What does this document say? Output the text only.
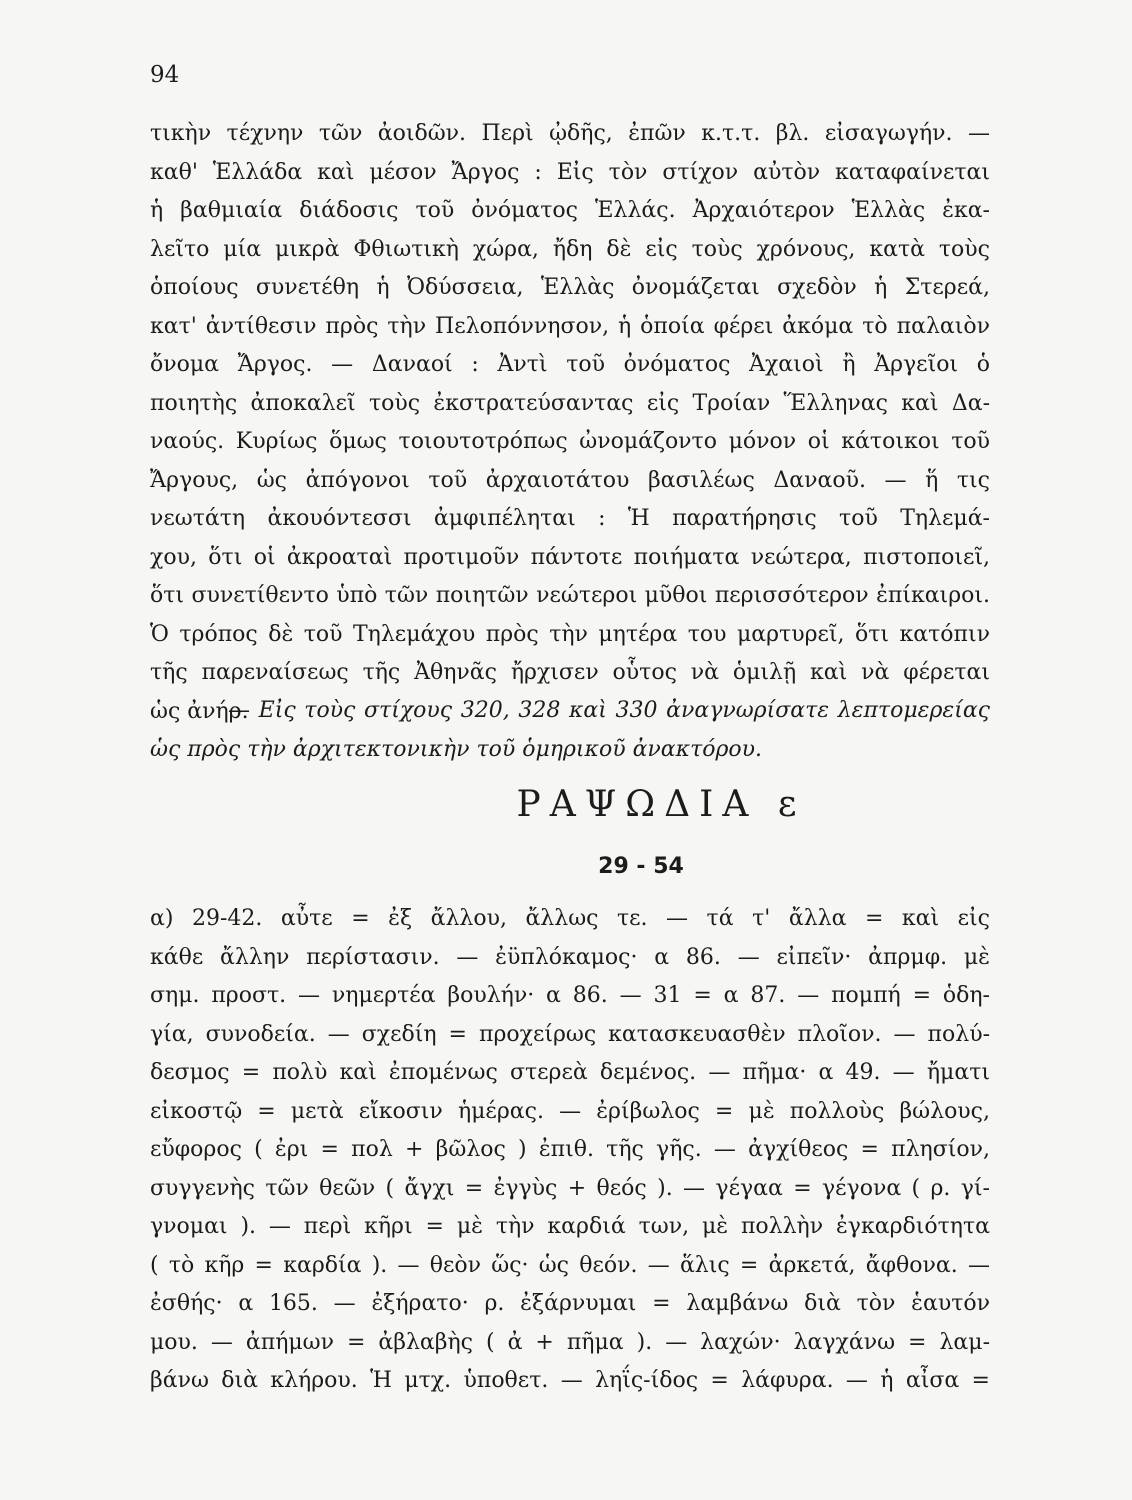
94
τικὴν τέχνην τῶν ἀοιδῶν. Περὶ ᾠδῆς, ἐπῶν κ.τ.τ. βλ. εἰσαγωγήν. —
καθ' Ἑλλάδα καὶ μέσον Ἄργος : Εἰς τὸν στίχον αὐτὸν καταφαίνεται
ἡ βαθμιαία διάδοσις τοῦ ὀνόματος Ἑλλάς. Ἀρχαιότερον Ἑλλὰς ἐκα-
λεῖτο μία μικρὰ Φθιωτικὴ χώρα, ἤδη δὲ εἰς τοὺς χρόνους, κατὰ τοὺς
ὁποίους συνετέθη ἡ Ὀδύσσεια, Ἑλλὰς ὀνομάζεται σχεδὸν ἡ Στερεά,
κατ' ἀντίθεσιν πρὸς τὴν Πελοπόννησον, ἡ ὁποία φέρει ἀκόμα τὸ παλαιὸν
ὄνομα Ἄργος. — Δαναοί : Ἀντὶ τοῦ ὀνόματος Ἀχαιοὶ ἢ Ἀργεῖοι ὁ
ποιητὴς ἀποκαλεῖ τοὺς ἐκστρατεύσαντας εἰς Τροίαν Ἕλληνας καὶ Δα-
ναούς. Κυρίως ὅμως τοιουτοτρόπως ὠνομάζοντο μόνον οἱ κάτοικοι τοῦ
Ἄργους, ὡς ἀπόγονοι τοῦ ἀρχαιοτάτου βασιλέως Δαναοῦ. — ἥ τις
νεωτάτη ἀκουόντεσσι ἀμφιπέληται : Ἡ παρατήρησις τοῦ Τηλεμά-
χου, ὅτι οἱ ἀκροαταὶ προτιμοῦν πάντοτε ποιήματα νεώτερα, πιστοποιεῖ,
ὅτι συνετίθεντο ὑπὸ τῶν ποιητῶν νεώτεροι μῦθοι περισσότερον ἐπίκαιροι.
Ὁ τρόπος δὲ τοῦ Τηλεμάχου πρὸς τὴν μητέρα του μαρτυρεῖ, ὅτι κατόπιν
τῆς παρεναίσεως τῆς Ἀθηνᾶς ἤρχισεν οὗτος νὰ ὁμιλῇ καὶ νὰ φέρεται
ὡς ἀνήρ.
— Εἰς τοὺς στίχους 320, 328 καὶ 330 ἀναγνωρίσατε λεπτομερείας
ὡς πρὸς τὴν ἀρχιτεκτονικὴν τοῦ ὁμηρικοῦ ἀνακτόρου.
ΡΑΨΩΔΙΑ ε
29 - 54
α) 29-42. αὖτε = ἐξ ἄλλου, ἄλλως τε. — τά τ' ἄλλα = καὶ εἰς
κάθε ἄλλην περίστασιν. — ἐϋπλόκαμος· α 86. — εἰπεῖν· ἀπρμφ. μὲ
σημ. προστ. — νημερτέα βουλήν· α 86. — 31 = α 87. — πομπή = ὁδη-
γία, συνοδεία. — σχεδίη = προχείρως κατασκευασθὲν πλοῖον. — πολύ-
δεσμος = πολὺ καὶ ἐπομένως στερεὰ δεμένος. — πῆμα· α 49. — ἤματι
εἰκοστῷ = μετὰ εἴκοσιν ἡμέρας. — ἐρίβωλος = μὲ πολλοὺς βώλους,
εὔφορος ( ἐρι = πολ + βῶλος ) ἐπιθ. τῆς γῆς. — ἀγχίθεος = πλησίον,
συγγενὴς τῶν θεῶν ( ἄγχι = ἐγγὺς + θεός ). — γέγαα = γέγονα ( ρ. γί-
γνομαι ). — περὶ κῆρι = μὲ τὴν καρδιά των, μὲ πολλὴν ἐγκαρδιότητα
( τὸ κῆρ = καρδία ). — θεὸν ὥς· ὡς θεόν. — ἅλις = ἀρκετά, ἄφθονα. —
ἐσθής· α 165. — ἐξήρατο· ρ. ἐξάρνυμαι = λαμβάνω διὰ τὸν ἑαυτόν
μου. — ἀπήμων = ἀβλαβὴς ( ἀ + πῆμα ). — λαχών· λαγχάνω = λαμ-
βάνω διὰ κλήρου. Ἡ μτχ. ὑποθετ. — ληΐς-ίδος = λάφυρα. — ἡ αἶσα =
